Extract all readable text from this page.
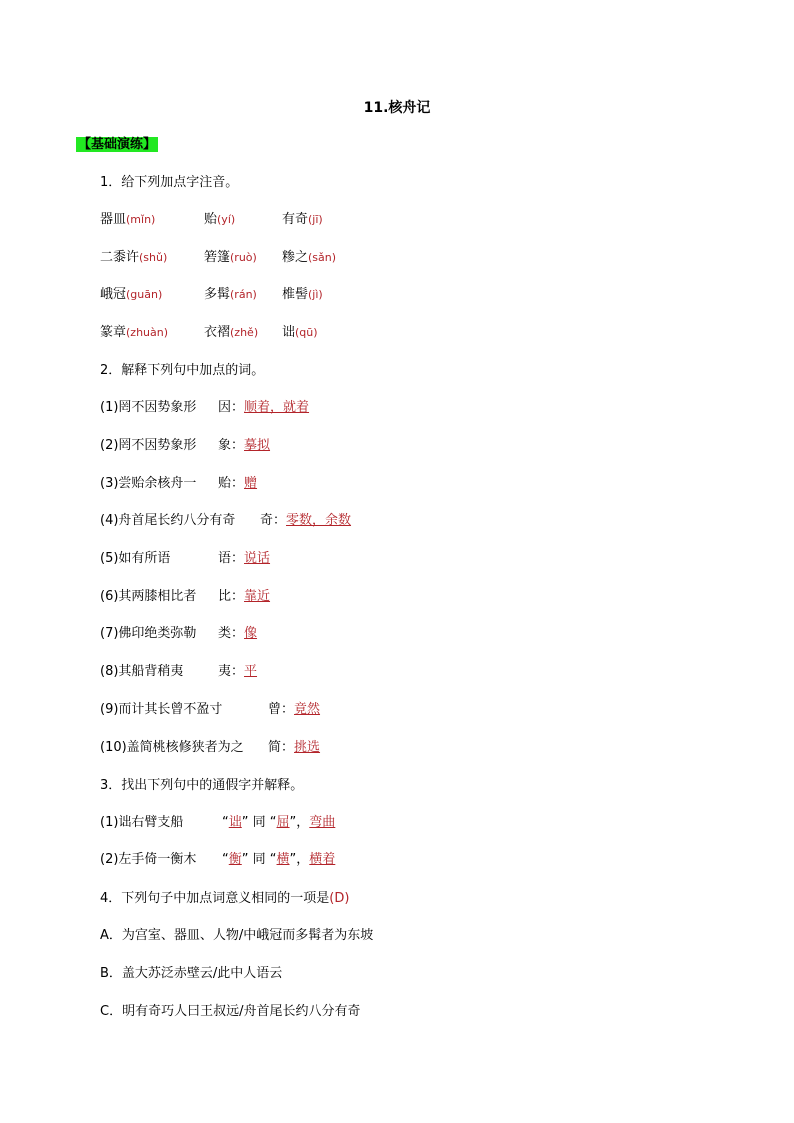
11.核舟记
【基础演练】
1．给下列加点字注音。
器皿(mǐn)	贻(yí)	有奇(jī)
二黍许(shǔ)	箬篷(ruò) 糁之(sǎn)
峨冠(guān)	多髯(rán) 椎髻(jì)
篆章(zhuàn)	衣褶(zhě) 诎(qū)
2．解释下列句中加点的词。
(1)罔不因势象形 因：顺着，就着
(2)罔不因势象形 象：摹拟
(3)尝贻余核舟一 贻：赠
(4)舟首尾长约八分有奇 奇：零数，余数
(5)如有所语	语：说话
(6)其两膝相比者 比：靠近
(7)佛印绝类弥勒 类：像
(8)其船背稍夷	夷：平
(9)而计其长曾不盈寸	曾：竟然
(10)盖简桃核修狭者为之 简：挑选
3．找出下列句中的通假字并解释。
(1)诎右臂支船	“诎” 同 “屈”，弯曲
(2)左手倚一衡木 “衡” 同 “横”，横着
4．下列句子中加点词意义相同的一项是(D)
A．为宫室、器皿、人物/中峨冠而多髯者为东坡
B．盖大苏泛赤壁云/此中人语云
C．明有奇巧人曰王叔远/舟首尾长约八分有奇
